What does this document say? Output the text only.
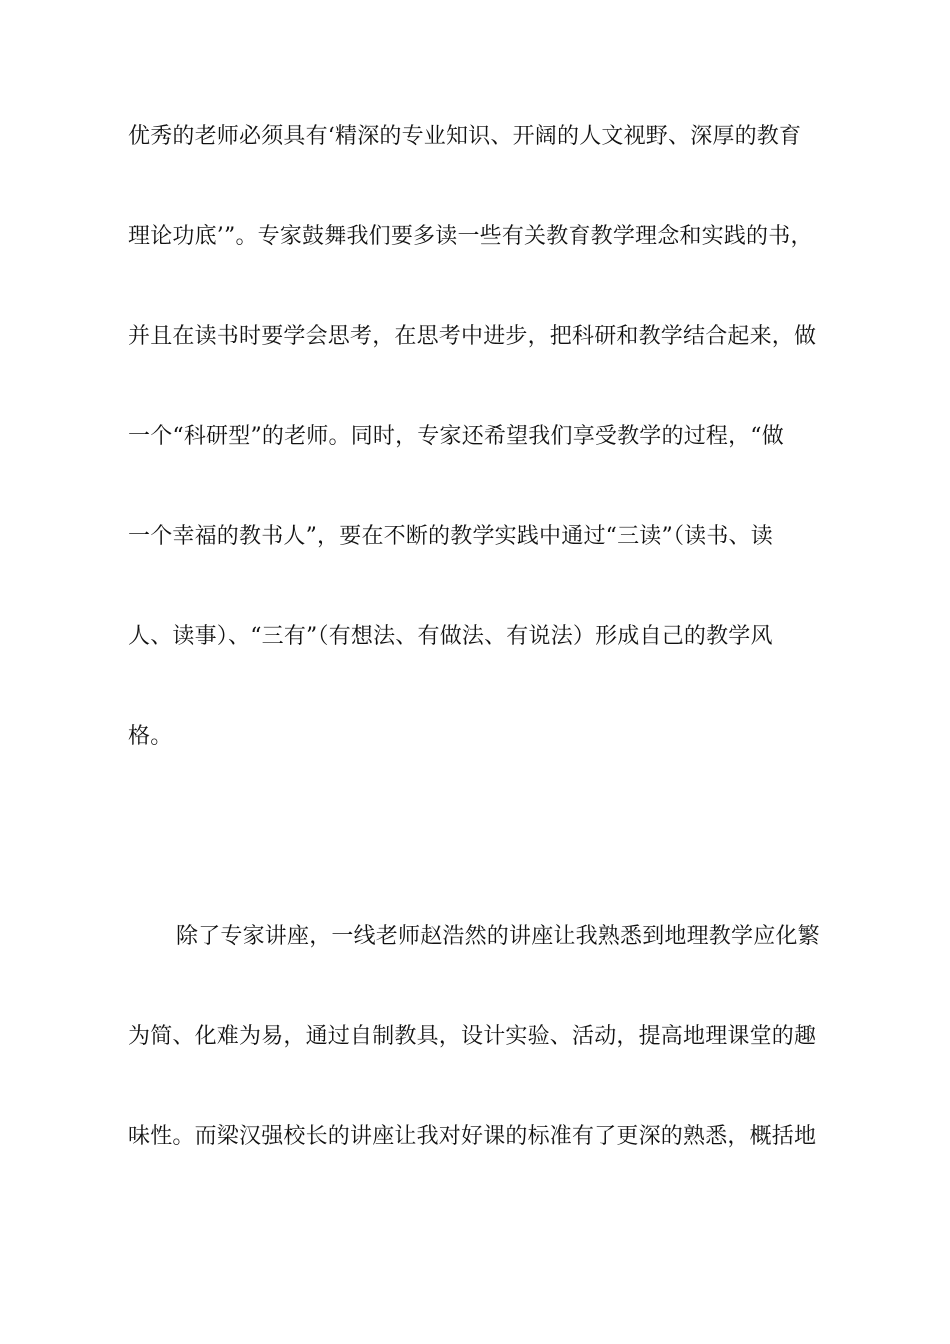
优秀的老师必须具有‘精深的专业知识、开阔的人文视野、深厚的教育
理论功底’”。专家鼓舞我们要多读一些有关教育教学理念和实践的书，
并且在读书时要学会思考，在思考中进步，把科研和教学结合起来，做
一个“科研型”的老师。同时，专家还希望我们享受教学的过程，“做
一个幸福的教书人”，要在不断的教学实践中通过“三读”（读书、读
人、读事）、“三有”（有想法、有做法、有说法）形成自己的教学风
格。
除了专家讲座，一线老师赵浩然的讲座让我熟悉到地理教学应化繁
为简、化难为易，通过自制教具，设计实验、活动，提高地理课堂的趣
味性。而梁汉强校长的讲座让我对好课的标准有了更深的熟悉，概括地
